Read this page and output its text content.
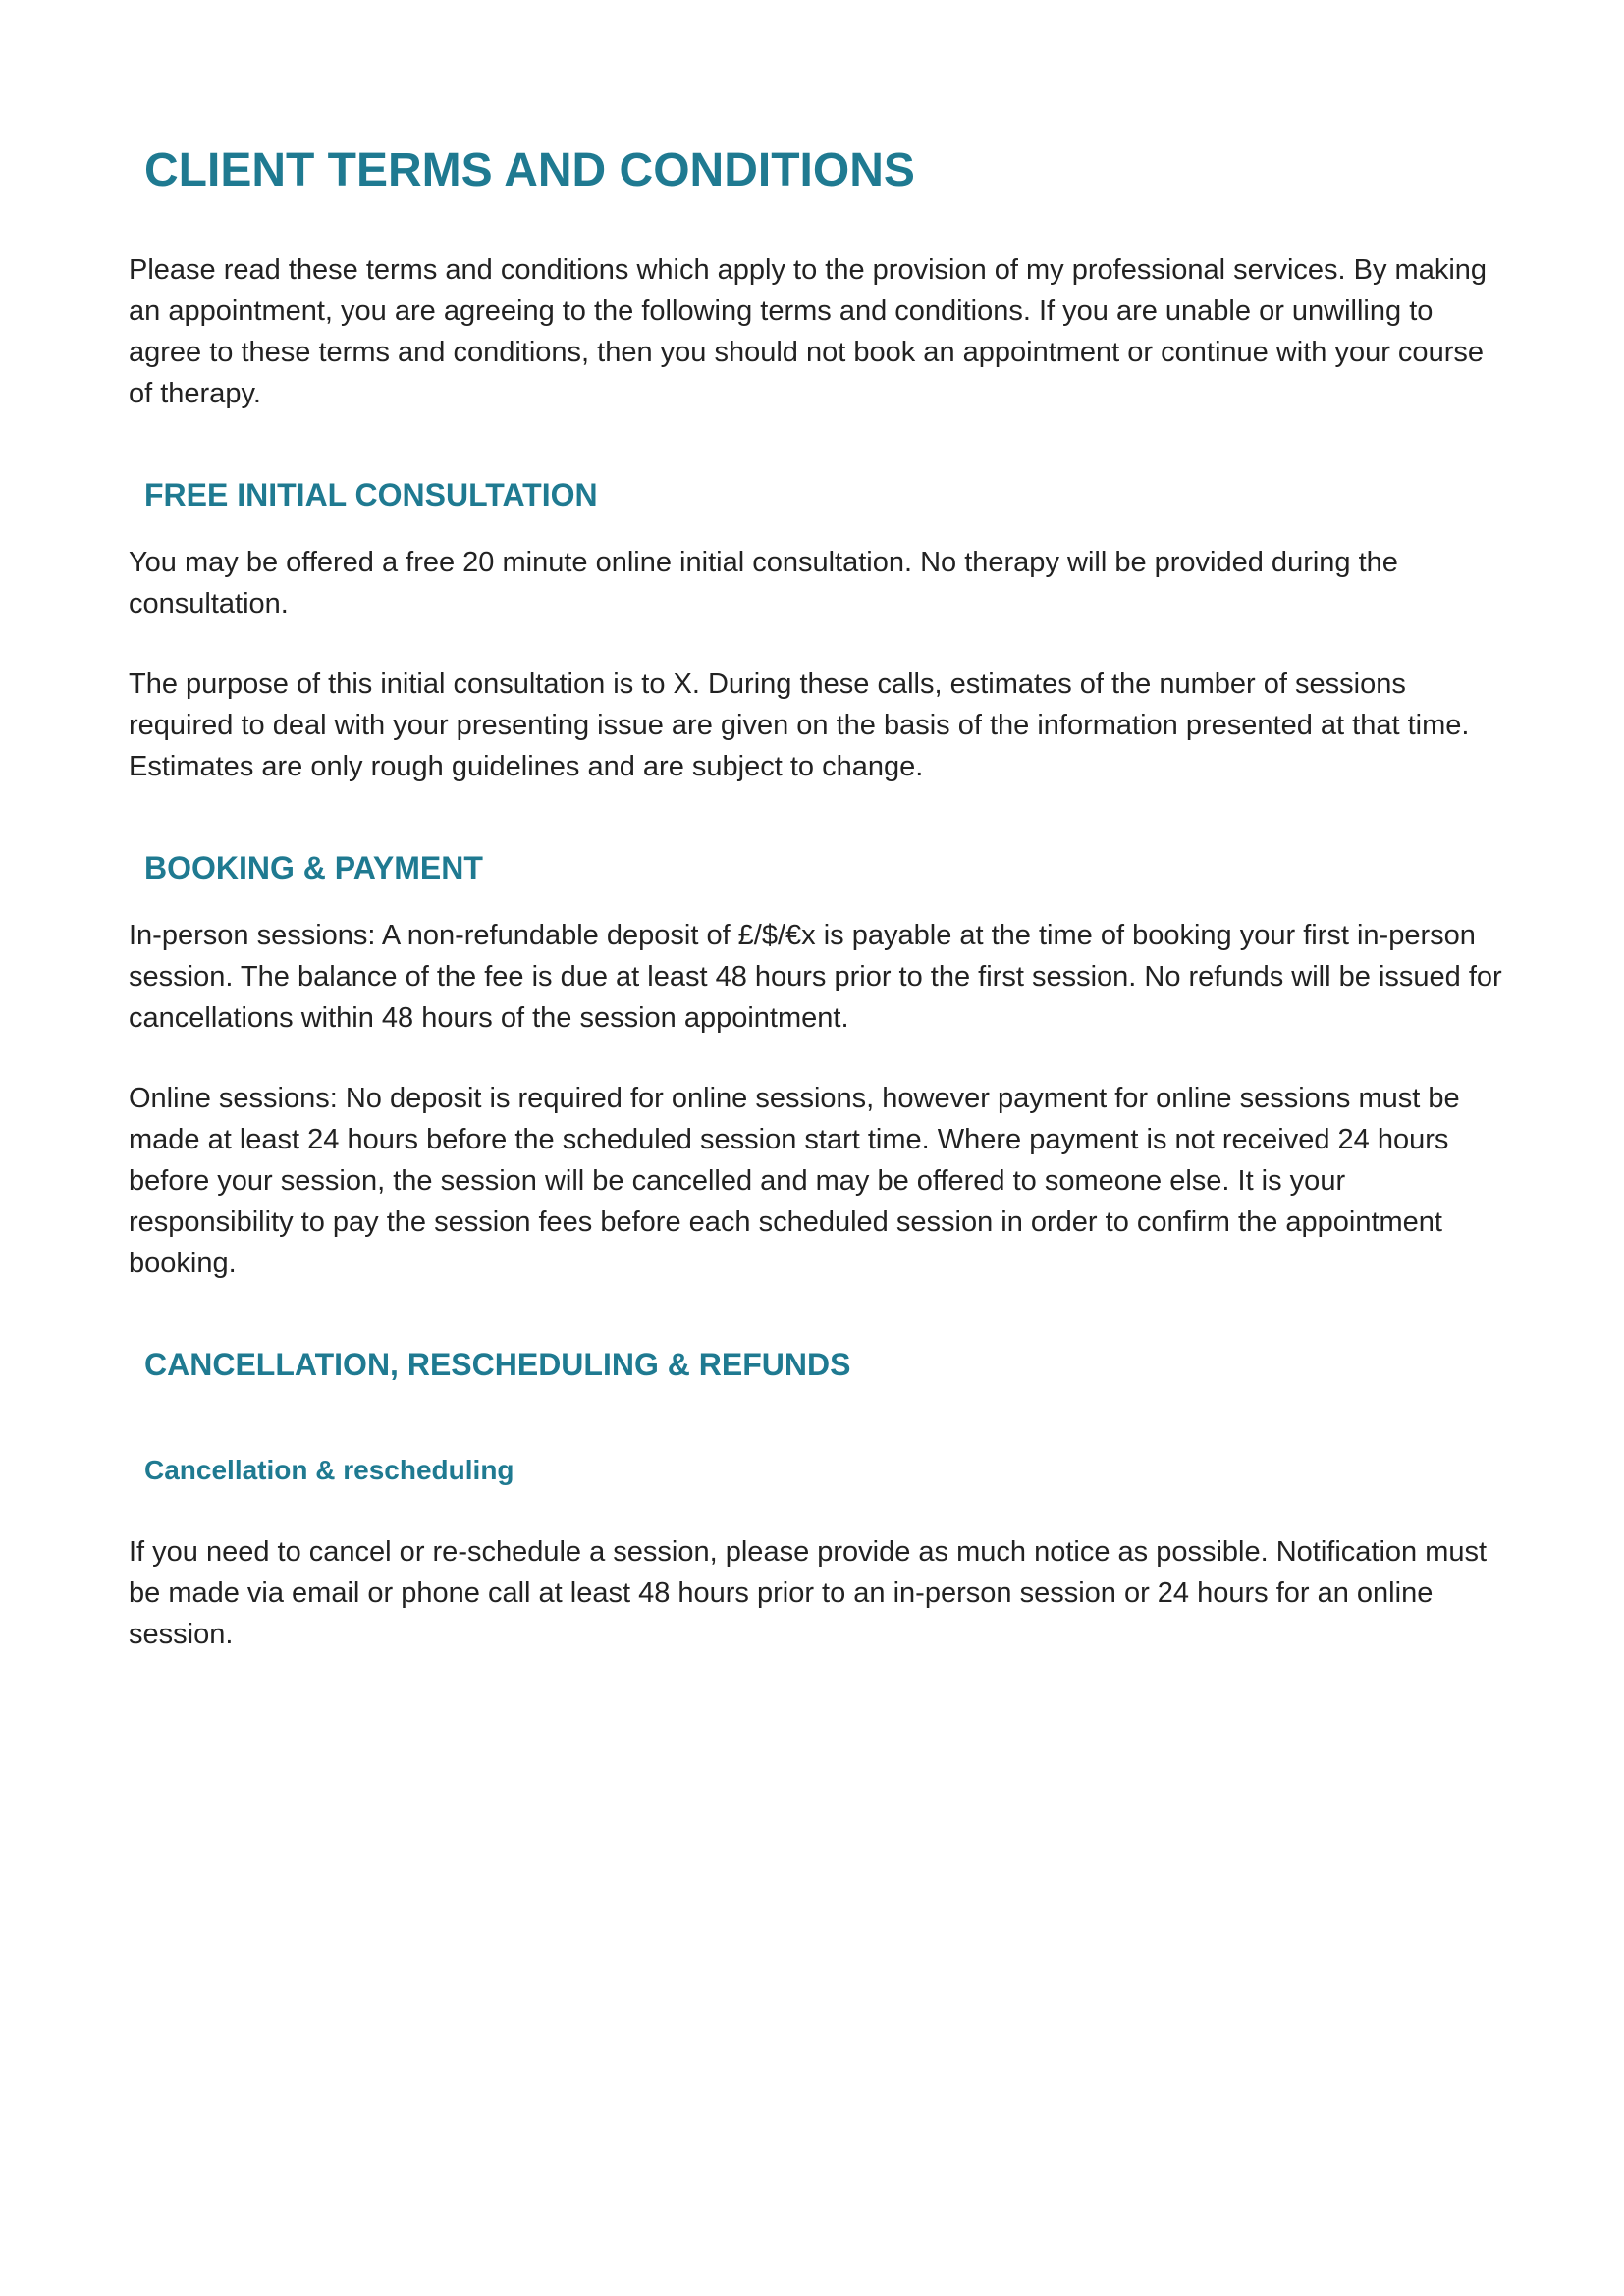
CLIENT TERMS AND CONDITIONS

Please read these terms and conditions which apply to the provision of my professional services. By making an appointment, you are agreeing to the following terms and conditions. If you are unable or unwilling to agree to these terms and conditions, then you should not book an appointment or continue with your course of therapy.

FREE INITIAL CONSULTATION

You may be offered a free 20 minute online initial consultation. No therapy will be provided during the consultation.

The purpose of this initial consultation is to X. During these calls, estimates of the number of sessions required to deal with your presenting issue are given on the basis of the information presented at that time. Estimates are only rough guidelines and are subject to change.

BOOKING & PAYMENT

In-person sessions: A non-refundable deposit of £/$/€x is payable at the time of booking your first in-person session. The balance of the fee is due at least 48 hours prior to the first session. No refunds will be issued for cancellations within 48 hours of the session appointment.

Online sessions: No deposit is required for online sessions, however payment for online sessions must be made at least 24 hours before the scheduled session start time. Where payment is not received 24 hours before your session, the session will be cancelled and may be offered to someone else. It is your responsibility to pay the session fees before each scheduled session in order to confirm the appointment booking.

CANCELLATION, RESCHEDULING & REFUNDS
Cancellation & rescheduling

If you need to cancel or re-schedule a session, please provide as much notice as possible. Notification must be made via email or phone call at least 48 hours prior to an in-person session or 24 hours for an online session.
